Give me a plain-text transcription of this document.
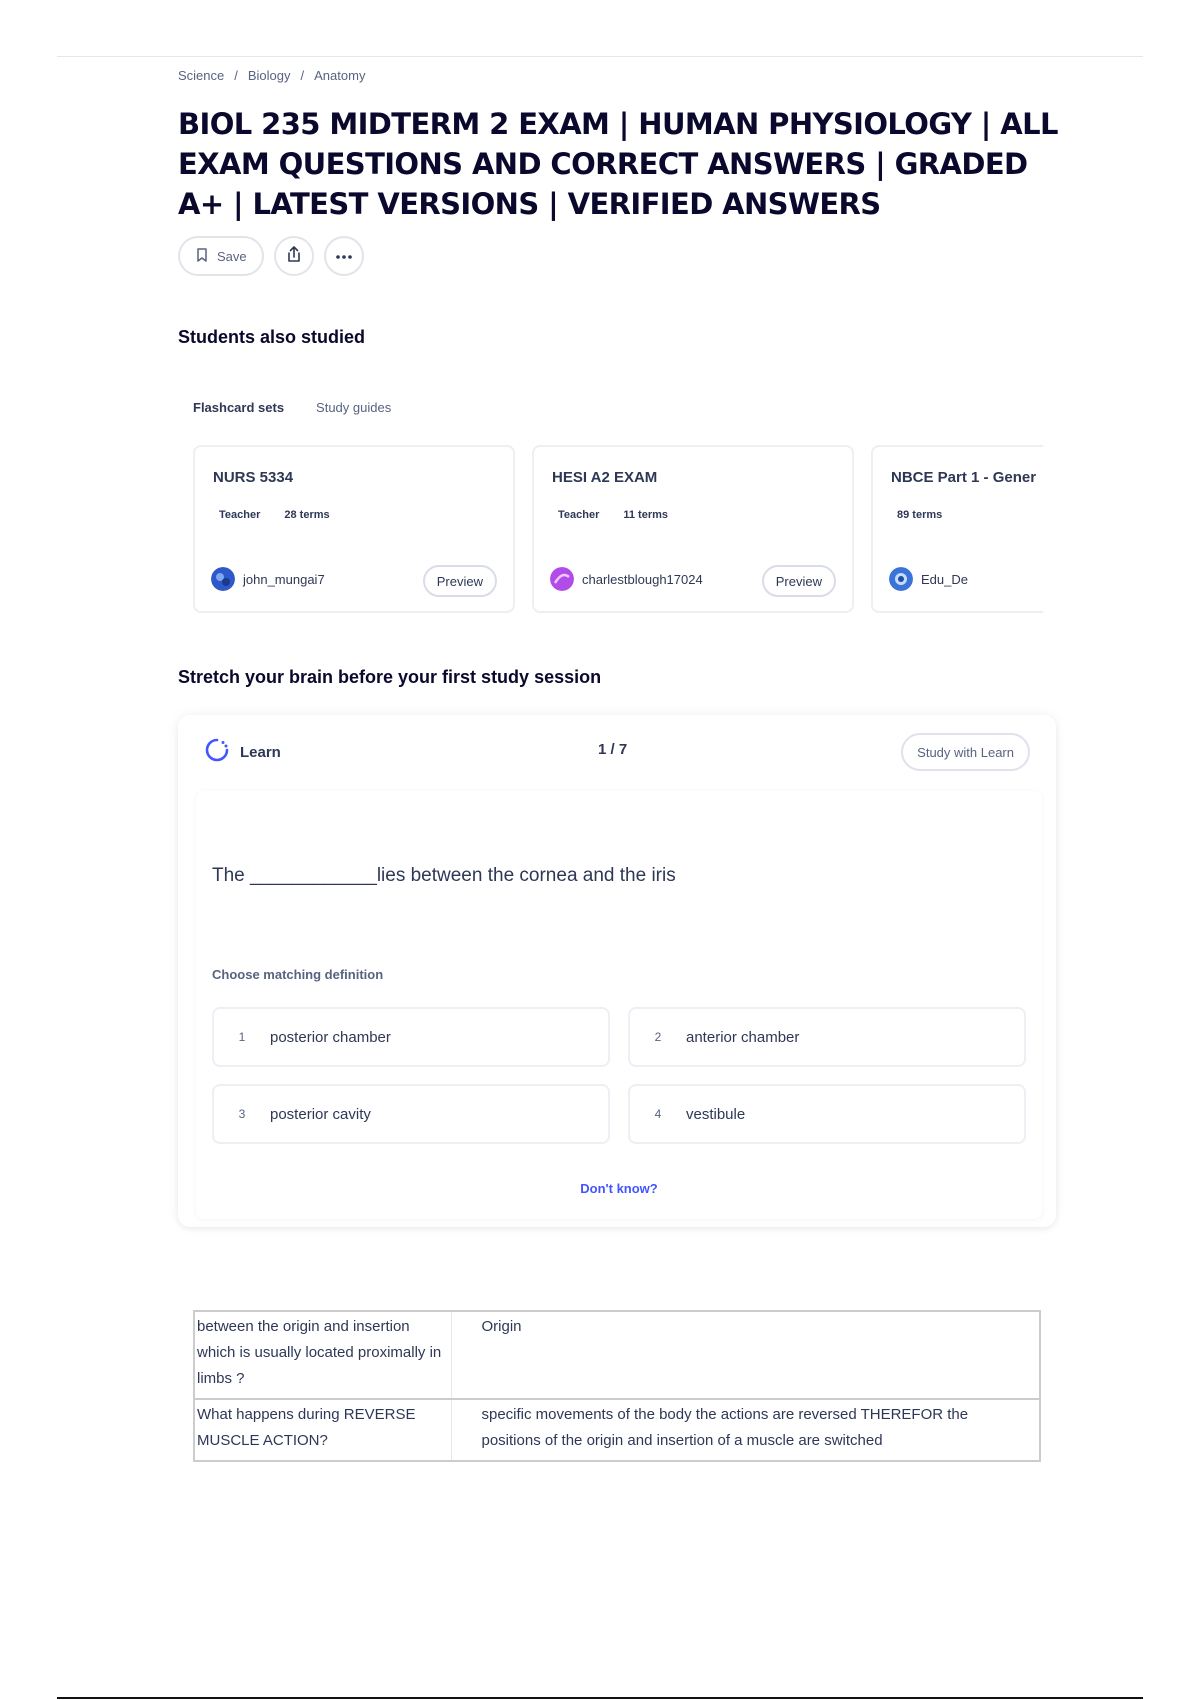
Science / Biology / Anatomy
BIOL 235 MIDTERM 2 EXAM | HUMAN PHYSIOLOGY | ALL EXAM QUESTIONS AND CORRECT ANSWERS | GRADED A+ | LATEST VERSIONS | VERIFIED ANSWERS
Save
Students also studied
Flashcard sets Study guides
NURS 5334
Teacher 28 terms
john_mungai7	Preview
HESI A2 EXAM
Teacher 11 terms
charlestblough17024	Preview
NBCE Part 1 - Gener
89 terms
Edu_De
Stretch your brain before your first study session
Learn	1 / 7	Study with Learn
The ____________lies between the cornea and the iris
Choose matching definition
1	posterior chamber	2	anterior chamber
3	posterior cavity	4	vestibule
Don't know?
between the origin and insertion which is usually located proximally in limbs ?	Origin
What happens during REVERSE MUSCLE ACTION?	specific movements of the body the actions are reversed THEREFOR the positions of the origin and insertion of a muscle are switched
